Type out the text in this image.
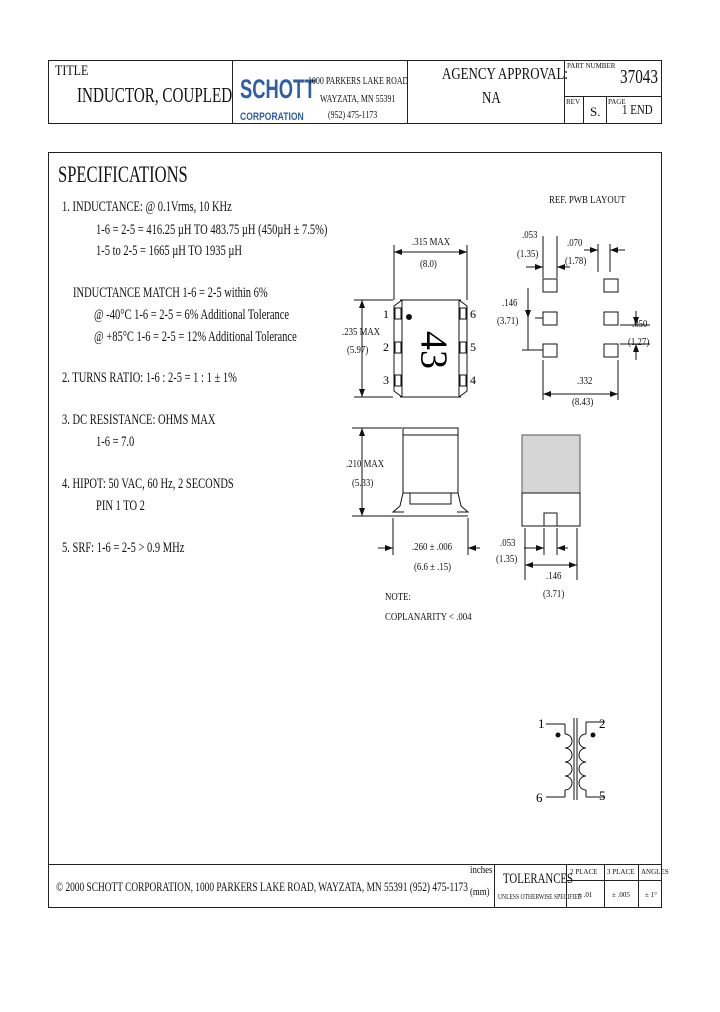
TITLE
INDUCTOR, COUPLED SCHOTT
CORPORATION
1000 PARKERS LAKE ROAD
WAYZATA, MN 55391
(952) 475-1173
AGENCY APPROVAL:
NA
PART NUMBER 37043
REV
S.
PAGE
1 END
SPECIFICATIONS
1. INDUCTANCE: @ 0.1Vrms, 10 KHz
1-6 = 2-5 = 416.25 µH TO 483.75 µH (450µH ± 7.5%)
1-5 to 2-5 = 1665 µH TO 1935 µH
INDUCTANCE MATCH 1-6 = 2-5 within 6%
@ -40°C 1-6 = 2-5 = 6% Additional Tolerance
@ +85°C 1-6 = 2-5 = 12% Additional Tolerance
2. TURNS RATIO: 1-6 : 2-5 = 1 : 1 ± 1%
3. DC RESISTANCE: OHMS MAX
1-6 = 7.0
4. HIPOT: 50 VAC, 60 Hz, 2 SECONDS
PIN 1 TO 2
5. SRF: 1-6 = 2-5 > 0.9 MHz
43
1
2
3
6
5
4
1	2
6	5
.315 MAX
(8.0)
.235 MAX
(5.97)
.210 MAX
(5.33)
.260 ± .006
(6.6 ± .15)
NOTE:
COPLANARITY < .004
.053
(1.35)
.146
(3.71)
REF. PWB LAYOUT
.053
(1.35)
.070
(1.78)
.146
(3.71)	.050
(1.27)
.332
(8.43)
© 2000 SCHOTT CORPORATION, 1000 PARKERS LAKE ROAD, WAYZATA, MN 55391 (952) 475-1173
inches
(mm)
TOLERANCES
UNLESS OTHERWISE SPECIFIED
2 PLACE 3 PLACE ANGLES
± .01	± .005 ± 1°
